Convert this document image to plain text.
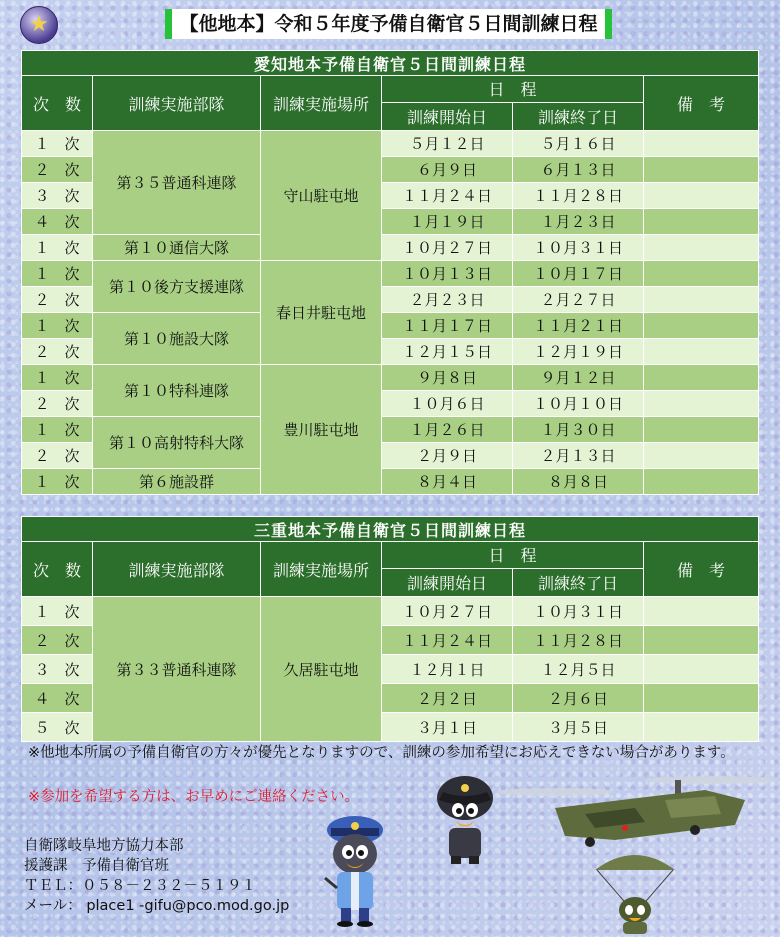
★	【他地本】令和５年度予備自衛官５日間訓練日程
愛知地本予備自衛官５日間訓練日程					
次　数	訓練実施部隊	訓練実施場所	日　程		備　考
			訓練開始日	訓練終了日	
１　次	第３５普通科連隊	守山駐屯地	５月１２日	５月１６日	
２　次			６月９日	６月１３日	
３　次			１１月２４日	１１月２８日	
４　次			１月１９日	１月２３日	
１　次	第１０通信大隊		１０月２７日	１０月３１日	
１　次	第１０後方支援連隊	春日井駐屯地	１０月１３日	１０月１７日	
２　次			２月２３日	２月２７日	
１　次	第１０施設大隊		１１月１７日	１１月２１日	
２　次			１２月１５日	１２月１９日	
１　次	第１０特科連隊	豊川駐屯地	９月８日	９月１２日	
２　次			１０月６日	１０月１０日	
１　次	第１０高射特科大隊		１月２６日	１月３０日	
２　次			２月９日	２月１３日	
１　次	第６施設群		８月４日	８月８日	
三重地本予備自衛官５日間訓練日程					
次　数	訓練実施部隊	訓練実施場所	日　程		備　考
			訓練開始日	訓練終了日	
１　次	第３３普通科連隊	久居駐屯地	１０月２７日	１０月３１日	
２　次			１１月２４日	１１月２８日	
３　次			１２月１日	１２月５日	
４　次			２月２日	２月６日	
５　次			３月１日	３月５日	
※他地本所属の予備自衛官の方々が優先となりますので、訓練の参加希望にお応えできない場合があります。
※参加を希望する方は、お早めにご連絡ください。
自衛隊岐阜地方協力本部
援護課　予備自衛官班
ＴＥＬ：０５８－２３２－５１９１
メール： place1 -gifu@pco.mod.go.jp
